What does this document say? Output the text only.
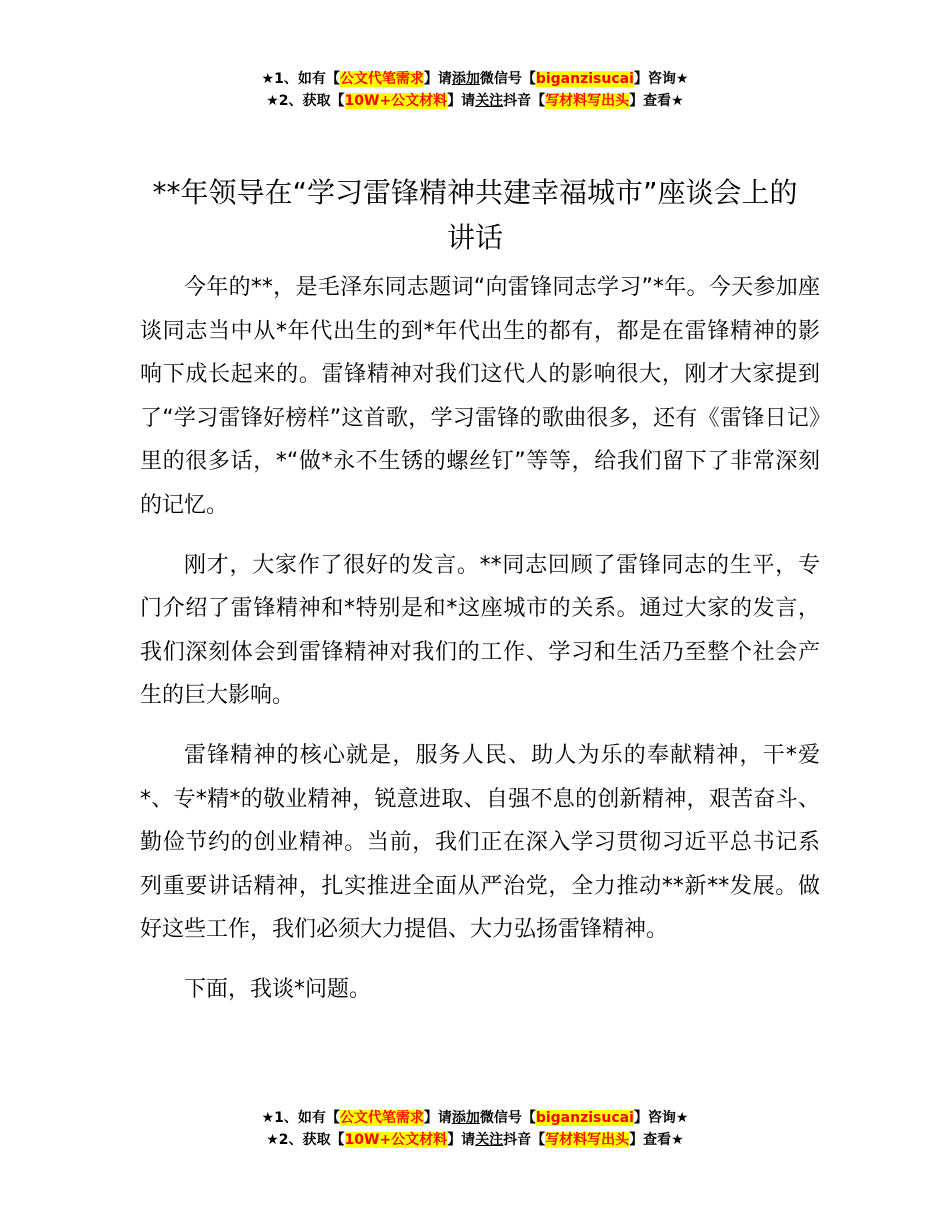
★1、如有【公文代笔需求】请添加微信号【biganzisucai】咨询★
★2、获取【10W+公文材料】请关注抖音【写材料写出头】查看★
**年领导在“学习雷锋精神共建幸福城市”座谈会上的讲话

今年的**，是毛泽东同志题词“向雷锋同志学习”*年。今天参加座谈同志当中从*年代出生的到*年代出生的都有，都是在雷锋精神的影响下成长起来的。雷锋精神对我们这代人的影响很大，刚才大家提到了“学习雷锋好榜样”这首歌，学习雷锋的歌曲很多，还有《雷锋日记》里的很多话，*“做*永不生锈的螺丝钉”等等，给我们留下了非常深刻的记忆。

刚才，大家作了很好的发言。**同志回顾了雷锋同志的生平，专门介绍了雷锋精神和*特别是和*这座城市的关系。通过大家的发言，我们深刻体会到雷锋精神对我们的工作、学习和生活乃至整个社会产生的巨大影响。

雷锋精神的核心就是，服务人民、助人为乐的奉献精神，干*爱*、专*精*的敬业精神，锐意进取、自强不息的创新精神，艰苦奋斗、勤俭节约的创业精神。当前，我们正在深入学习贯彻习近平总书记系列重要讲话精神，扎实推进全面从严治党，全力推动**新**发展。做好这些工作，我们必须大力提倡、大力弘扬雷锋精神。

下面，我谈*问题。

★1、如有【公文代笔需求】请添加微信号【biganzisucai】咨询★
★2、获取【10W+公文材料】请关注抖音【写材料写出头】查看★
